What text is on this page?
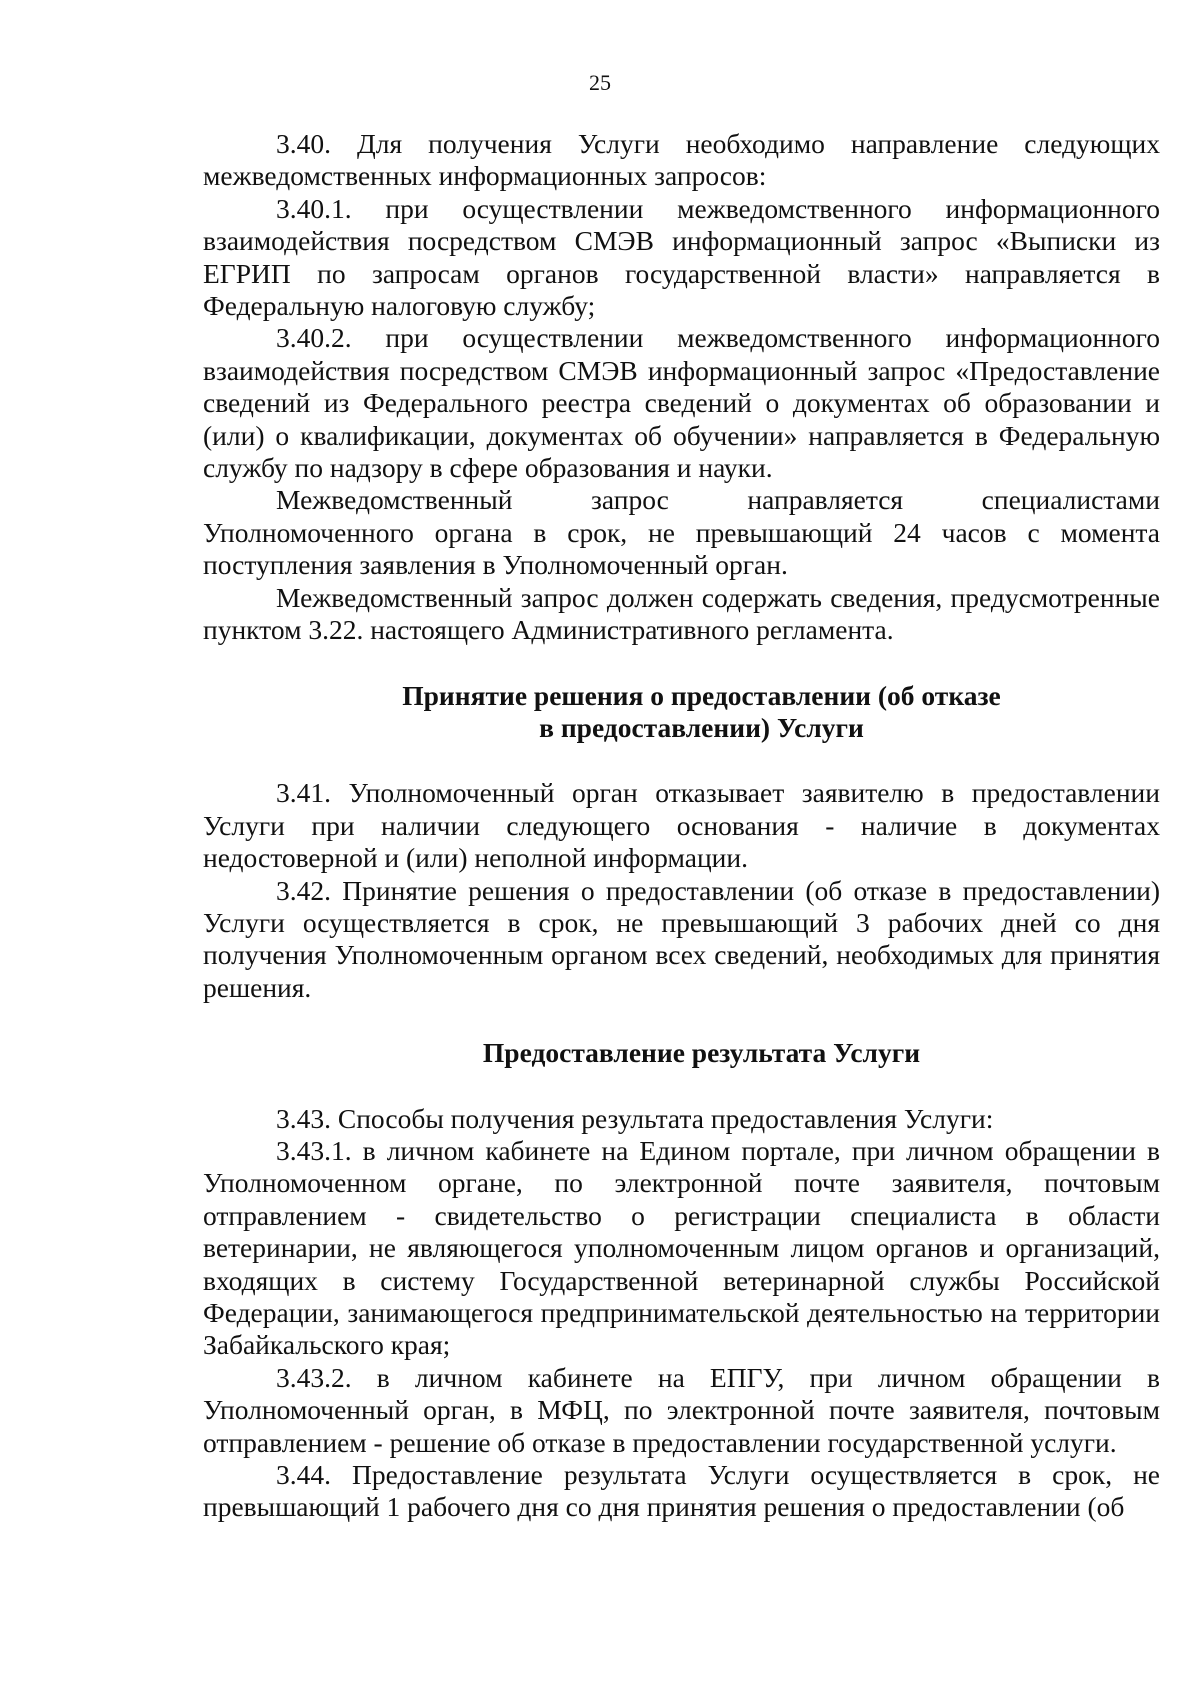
25

3.40. Для получения Услуги необходимо направление следующих межведомственных информационных запросов:

3.40.1. при осуществлении межведомственного информационного взаимодействия посредством СМЭВ информационный запрос «Выписки из ЕГРИП по запросам органов государственной власти» направляется в Федеральную налоговую службу;

3.40.2. при осуществлении межведомственного информационного взаимодействия посредством СМЭВ информационный запрос «Предоставление сведений из Федерального реестра сведений о документах об образовании и (или) о квалификации, документах об обучении» направляется в Федеральную службу по надзору в сфере образования и науки.

Межведомственный запрос направляется специалистами Уполномоченного органа в срок, не превышающий 24 часов с момента поступления заявления в Уполномоченный орган.

Межведомственный запрос должен содержать сведения, предусмотренные пунктом 3.22. настоящего Административного регламента.

Принятие решения о предоставлении (об отказе
в предоставлении) Услуги

3.41. Уполномоченный орган отказывает заявителю в предоставлении Услуги при наличии следующего основания - наличие в документах недостоверной и (или) неполной информации.

3.42. Принятие решения о предоставлении (об отказе в предоставлении) Услуги осуществляется в срок, не превышающий 3 рабочих дней со дня получения Уполномоченным органом всех сведений, необходимых для принятия решения.

Предоставление результата Услуги

3.43. Способы получения результата предоставления Услуги:

3.43.1. в личном кабинете на Едином портале, при личном обращении в Уполномоченном органе, по электронной почте заявителя, почтовым отправлением - свидетельство о регистрации специалиста в области ветеринарии, не являющегося уполномоченным лицом органов и организаций, входящих в систему Государственной ветеринарной службы Российской Федерации, занимающегося предпринимательской деятельностью на территории Забайкальского края;

3.43.2. в личном кабинете на ЕПГУ, при личном обращении в Уполномоченный орган, в МФЦ, по электронной почте заявителя, почтовым отправлением - решение об отказе в предоставлении государственной услуги.

3.44. Предоставление результата Услуги осуществляется в срок, не превышающий 1 рабочего дня со дня принятия решения о предоставлении (об
